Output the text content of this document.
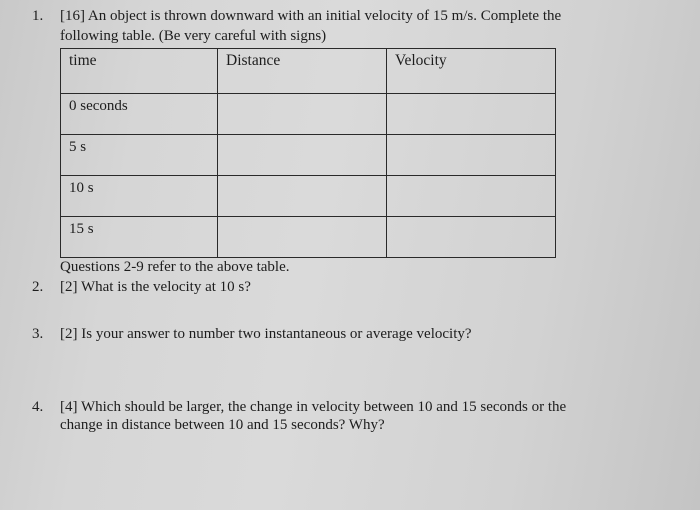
1. [16] An object is thrown downward with an initial velocity of 15 m/s. Complete the
following table. (Be very careful with signs)
time	Distance	Velocity
0 seconds		
5 s		
10 s		
15 s		
Questions 2-9 refer to the above table.
2. [2] What is the velocity at 10 s?
3. [2] Is your answer to number two instantaneous or average velocity?
4. [4] Which should be larger, the change in velocity between 10 and 15 seconds or the
change in distance between 10 and 15 seconds? Why?
